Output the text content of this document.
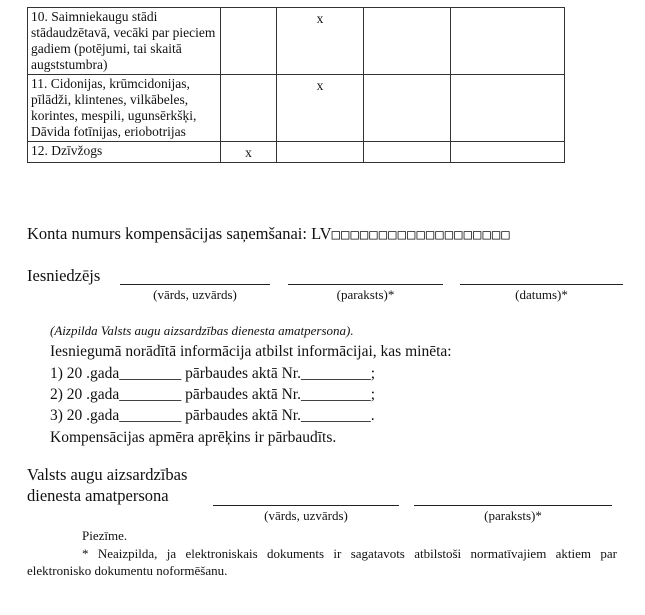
10. Saimniekaugu stādi stādaudzētavā, vecāki par pieciem gadiem (potējumi, tai skaitā augststumbra)		x		
11. Cidonijas, krūmcidonijas, pīlādži, klintenes, vilkābeles, korintes, mespili, ugunsērkšķi, Dāvida fotīnijas, eriobotrijas		x		
12. Dzīvžogs	x			
Konta numurs kompensācijas saņemšanai: LV□□□□□□□□□□□□□□□□□□□
Iesniedzējs
(vārds, uzvārds)	(paraksts)*	(datums)*
(Aizpilda Valsts augu aizsardzības dienesta amatpersona).
Iesniegumā norādītā informācija atbilst informācijai, kas minēta:
1) 20 .gada________ pārbaudes aktā Nr._________;
2) 20 .gada________ pārbaudes aktā Nr._________;
3) 20 .gada________ pārbaudes aktā Nr._________.
Kompensācijas apmēra aprēķins ir pārbaudīts.
Valsts augu aizsardzības
dienesta amatpersona
(vārds, uzvārds)	(paraksts)*
Piezīme.
* Neaizpilda, ja elektroniskais dokuments ir sagatavots atbilstoši normatīvajiem aktiem par elektronisko dokumentu noformēšanu.
